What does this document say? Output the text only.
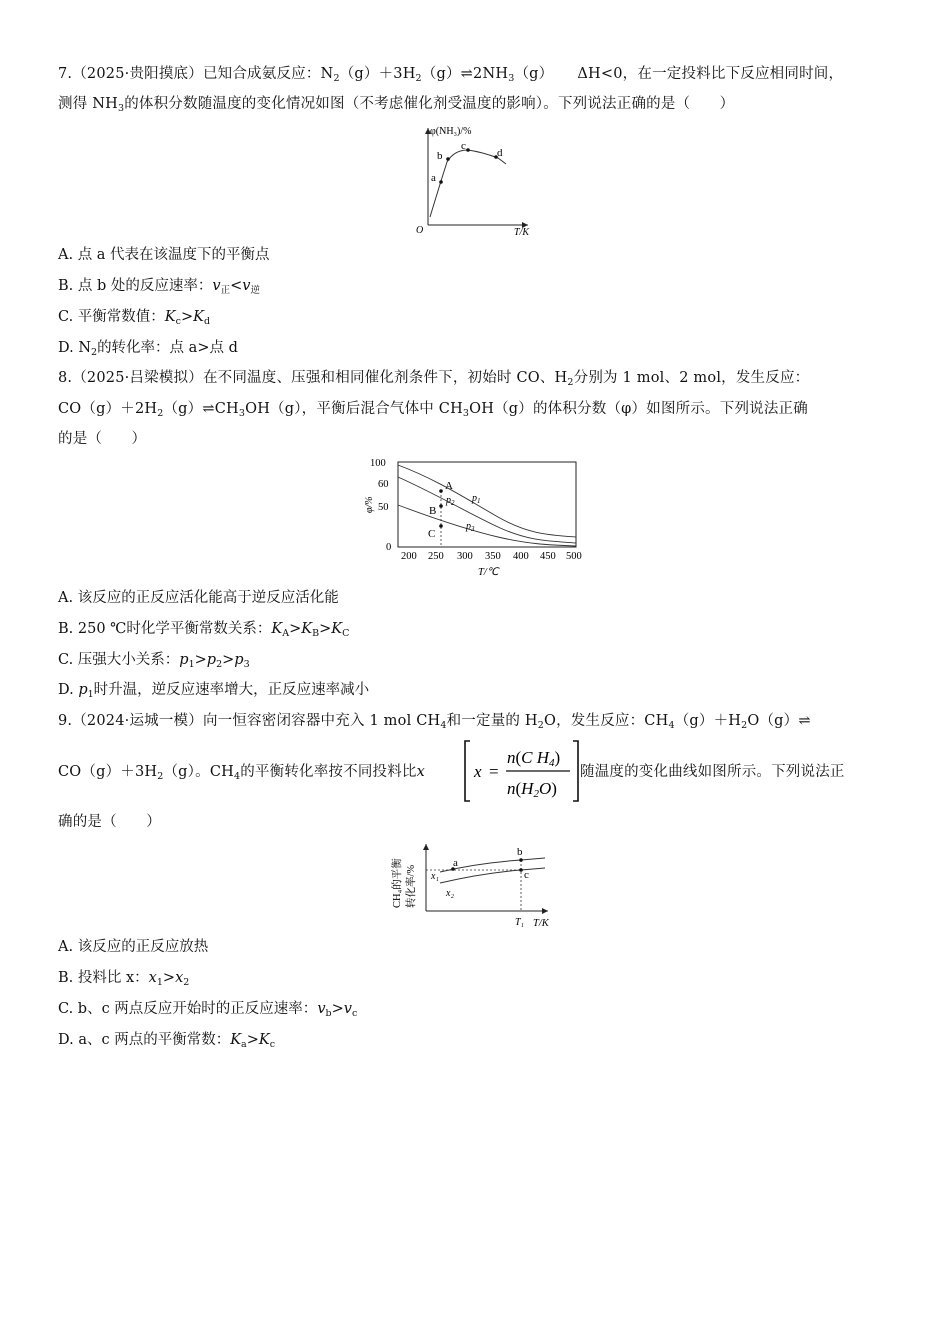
7.（2025·贵阳摸底）已知合成氨反应：$N_2(g)+3H_2(g)\rightleftharpoons 2NH_3(g)$ ΔH<0，在一定投料比下反应相同时间，
测得 $NH_3$的体积分数随温度的变化情况如图（不考虑催化剂受温度的影响）。下列说法正确的是（　　）
φ(NH₃)/%
T/K
O
a
b
c
d
A. 点 a 代表在该温度下的平衡点
B. 点 b 处的反应速率：$v_正<v_逆$
C. 平衡常数值：$K_c>K_d$
D. $N_2$的转化率：点 a>点 d
8.（2025·吕梁模拟）在不同温度、压强和相同催化剂条件下，初始时 CO、$H_2$分别为 1 mol、2 mol，发生反应：
$CO(g)+2H_2(g)\rightleftharpoons CH_3OH(g)$，平衡后混合气体中 $CH_3OH(g)$的体积分数（φ）如图所示。下列说法正确
的是（　　）
100
60
50
0
φ/%
200 250 300 350 400 450 500
T/℃
A
B
C
$p_1$
$p_2$
$p_3$
A. 该反应的正反应活化能高于逆反应活化能
B. 250 ℃时化学平衡常数关系：$K_A>K_B>K_C$
C. 压强大小关系：$p_1>p_2>p_3$
D. $p_1$时升温，逆反应速率增大，正反应速率减小
9.（2024·运城一模）向一恒容密闭容器中充入 1 mol $CH_4$和一定量的 $H_2O$，发生反应：$CH_4(g)+H_2O(g)\rightleftharpoons$
$CO(g)+3H_2(g)$。$CH_4$的平衡转化率按不同投料比x	x =
n(C H4)
n(H2O)
随温度的变化曲线如图所示。下列说法正
确的是（　　）
CH₄的平衡 转化率/%
T/K
T₁
a
b
c
x₁
x₂
A. 该反应的正反应放热
B. 投料比 x：$x_1>x_2$
C. b、c 两点反应开始时的正反应速率：$v_b>v_c$
D. a、c 两点的平衡常数：$K_a>K_c$
